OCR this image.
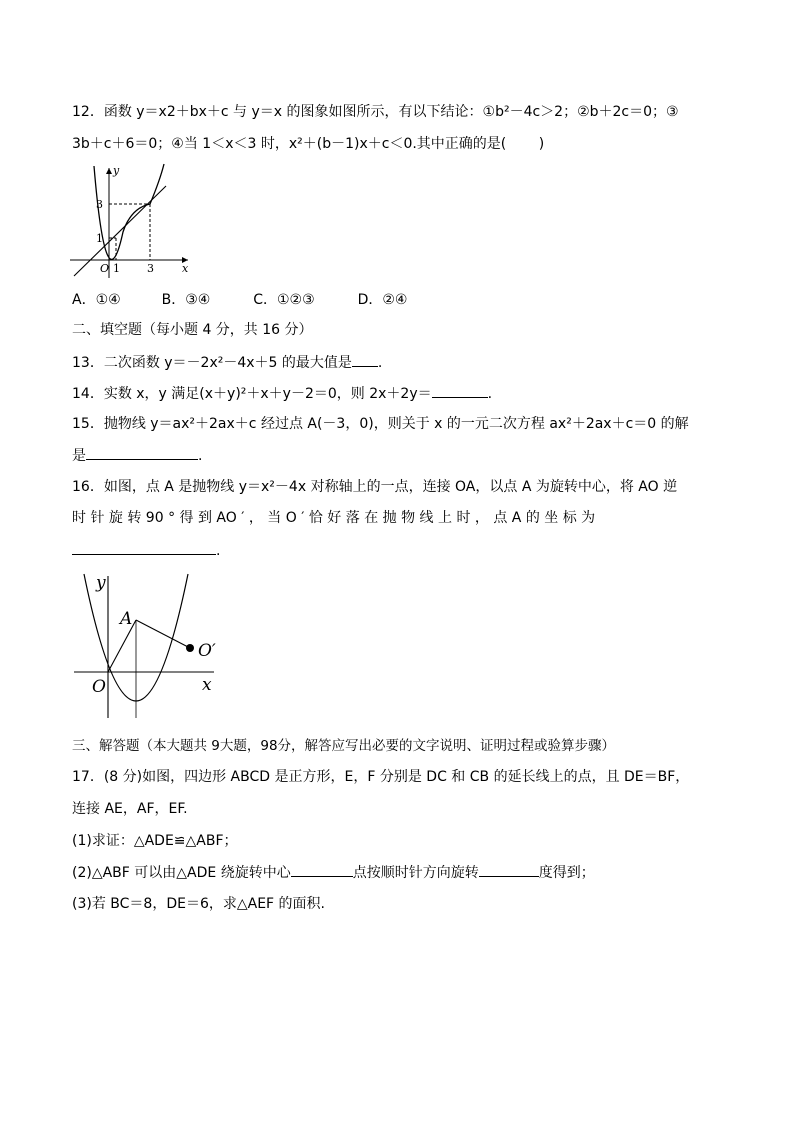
12．函数 y＝x2＋bx＋c 与 y＝x 的图象如图所示，有以下结论：①b²－4c＞2；②b＋2c＝0；③
3b＋c＋6＝0；④当 1＜x＜3 时，x²＋(b－1)x＋c＜0.其中正确的是(　　 )
y
x
O
3
1
1 3
A．①④	B．③④	C．①②③	D．②④
二、填空题（每小题 4 分，共 16 分）
13．二次函数 y＝－2x²－4x＋5 的最大值是 .
14．实数 x，y 满足(x＋y)²＋x＋y－2＝0，则 2x＋2y＝	.
15．抛物线 y＝ax²＋2ax＋c 经过点 A(－3，0)，则关于 x 的一元二次方程 ax²＋2ax＋c＝0 的解
是	.
16．如图，点 A 是抛物线 y＝x²－4x 对称轴上的一点，连接 OA，以点 A 为旋转中心，将 AO 逆
时 针 旋 转 90 ° 得 到 AO ′ ， 当 O ′ 恰 好 落 在 抛 物 线 上 时 ， 点 A 的 坐 标 为
.
y
x
O
A
O′
三、解答题（本大题共 9大题，98分，解答应写出必要的文字说明、证明过程或验算步骤）
17．(8 分)如图，四边形 ABCD 是正方形，E，F 分别是 DC 和 CB 的延长线上的点，且 DE＝BF，
连接 AE，AF，EF.
(1)求证：△ADE≌△ABF；
(2)△ABF 可以由△ADE 绕旋转中心	点按顺时针方向旋转	度得到；
(3)若 BC＝8，DE＝6，求△AEF 的面积.
